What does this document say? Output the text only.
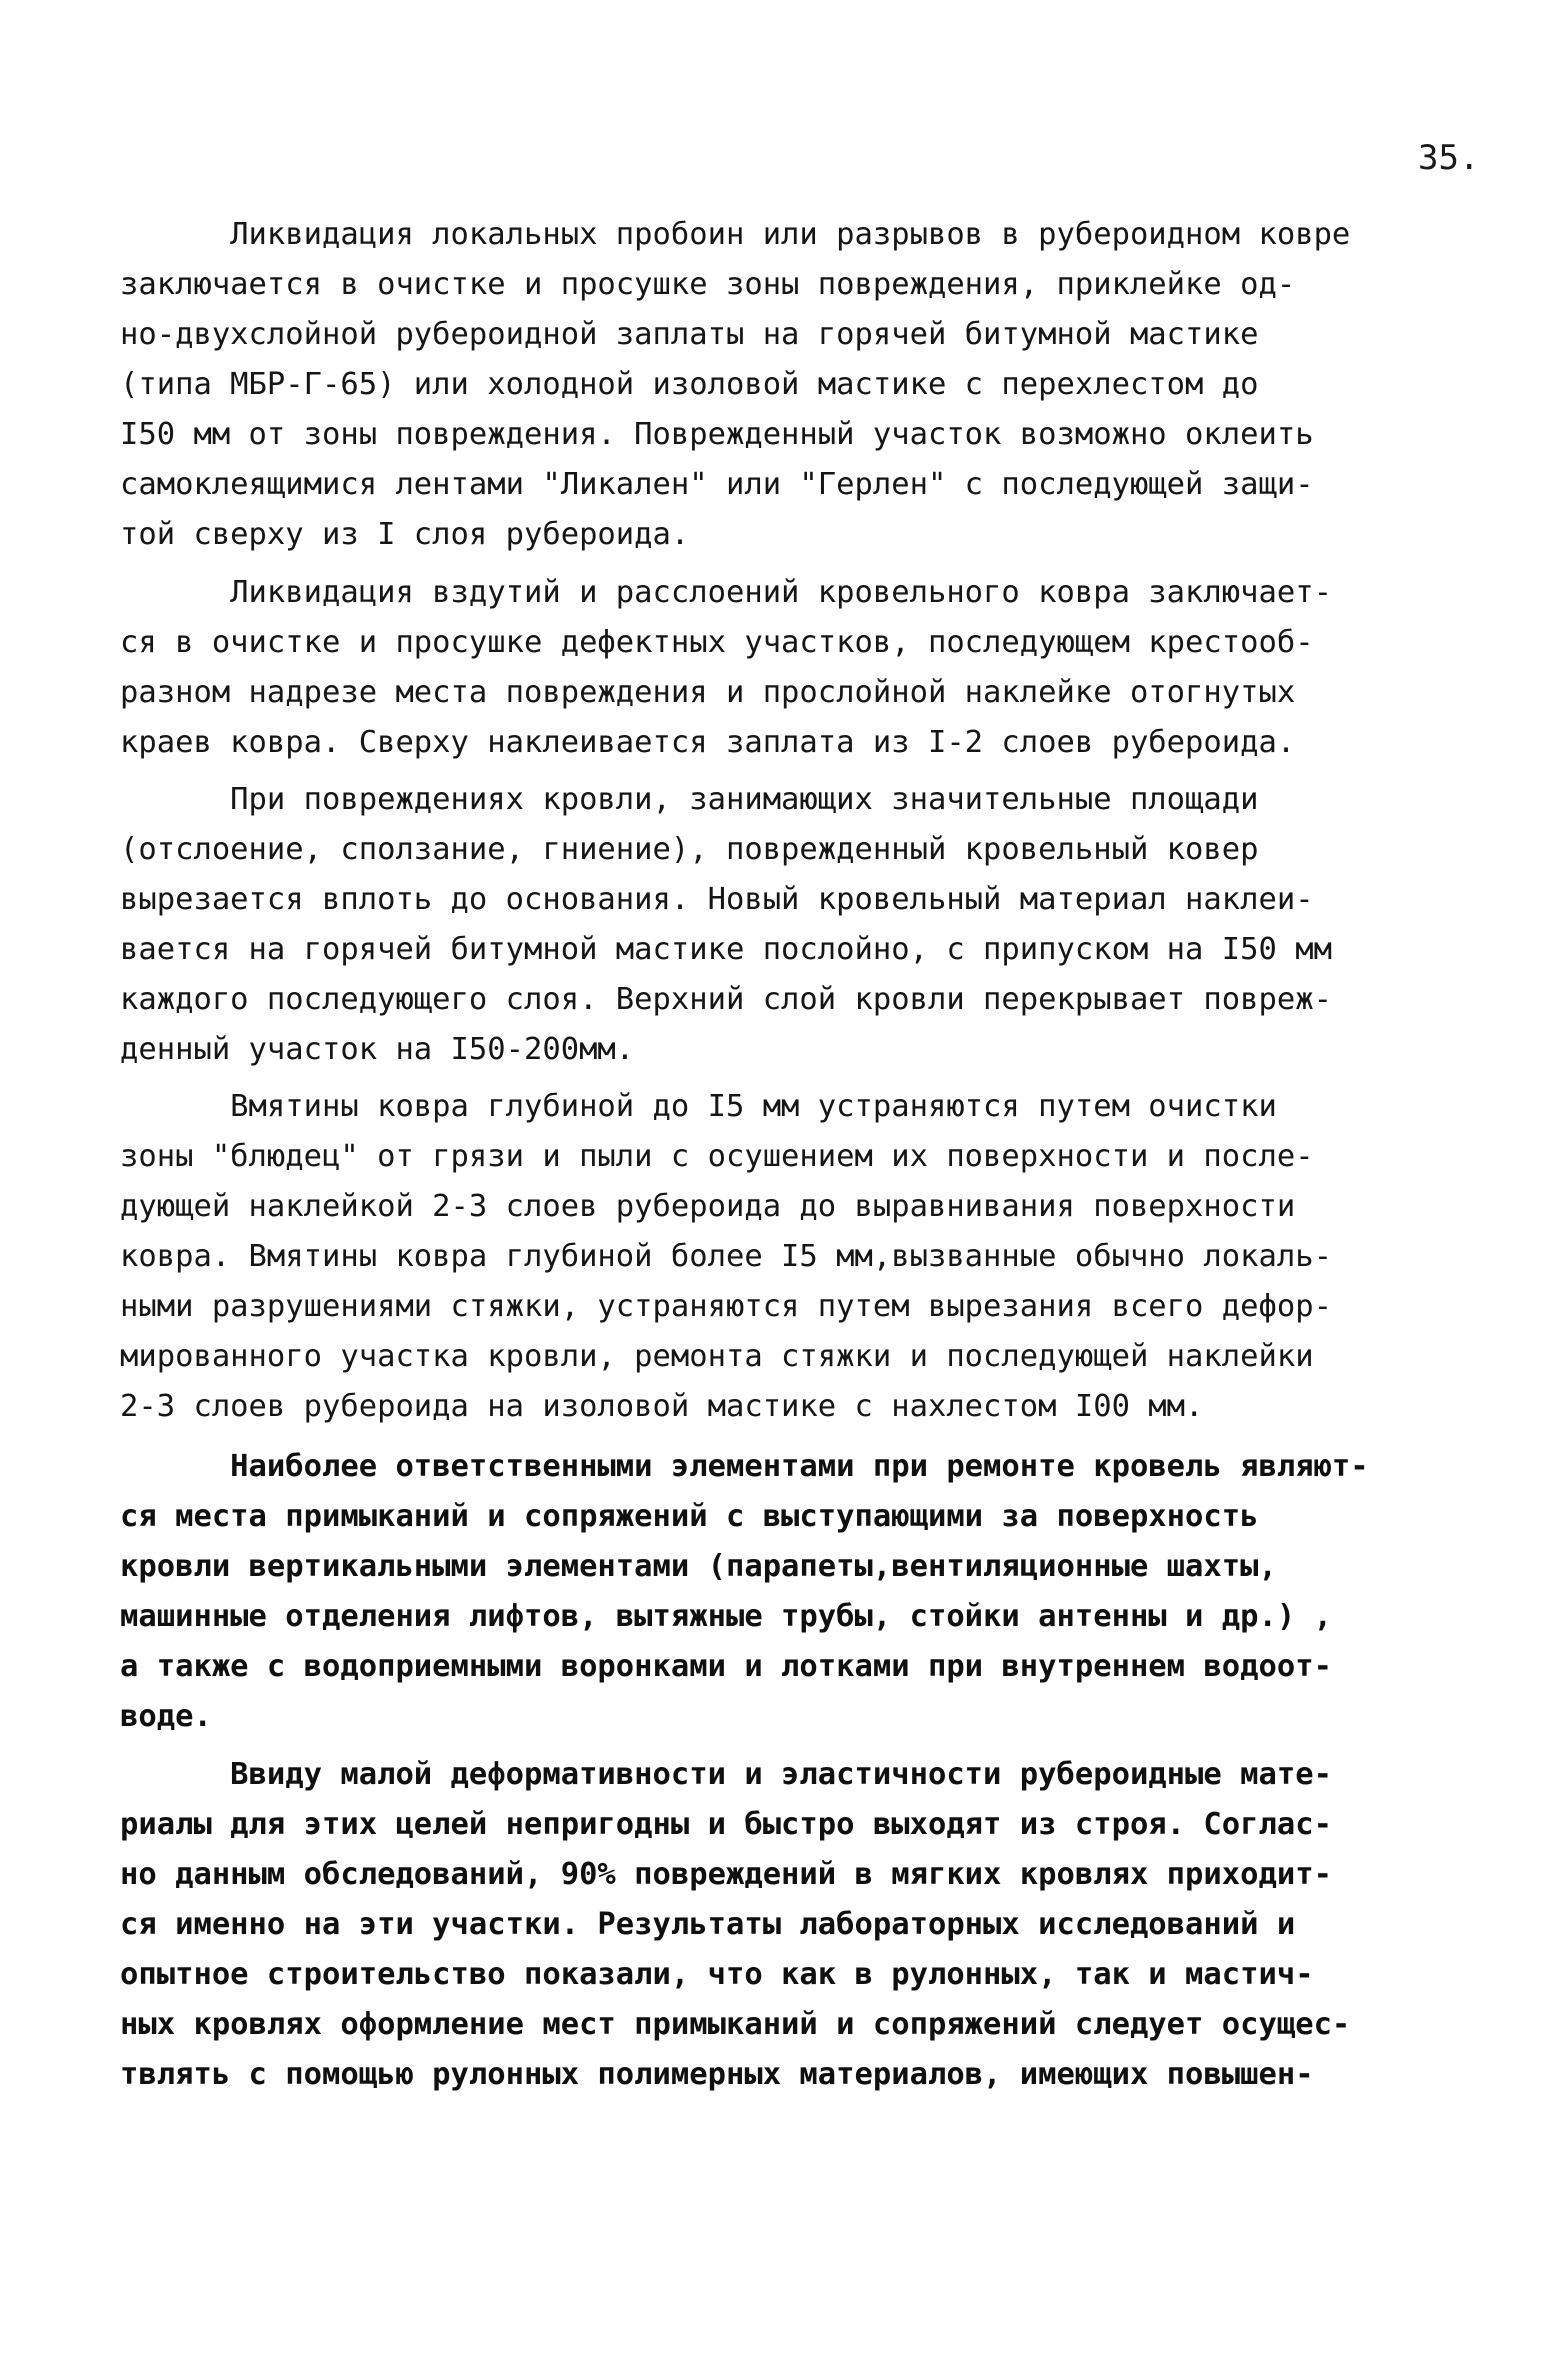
35.
Ликвидация локальных пробоин или разрывов в рубероидном ковре
заключается в очистке и просушке зоны повреждения, приклейке од-
но-двухслойной рубероидной заплаты на горячей битумной мастике
(типа МБР-Г-65) или холодной изоловой мастике с перехлестом до
I50 мм от зоны повреждения. Поврежденный участок возможно оклеить
самоклеящимися лентами "Ликален" или "Герлен" с последующей защи-
той сверху из I слоя рубероида.
Ликвидация вздутий и расслоений кровельного ковра заключает-
ся в очистке и просушке дефектных участков, последующем крестооб-
разном надрезе места повреждения и прослойной наклейке отогнутых
краев ковра. Сверху наклеивается заплата из I-2 слоев рубероида.
При повреждениях кровли, занимающих значительные площади
(отслоение, сползание, гниение), поврежденный кровельный ковер
вырезается вплоть до основания. Новый кровельный материал наклеи-
вается на горячей битумной мастике послойно, с припуском на I50 мм
каждого последующего слоя. Верхний слой кровли перекрывает повреж-
денный участок на I50-200мм.
Вмятины ковра глубиной до I5 мм устраняются путем очистки
зоны "блюдец" от грязи и пыли с осушением их поверхности и после-
дующей наклейкой 2-3 слоев рубероида до выравнивания поверхности
ковра. Вмятины ковра глубиной более I5 мм,вызванные обычно локаль-
ными разрушениями стяжки, устраняются путем вырезания всего дефор-
мированного участка кровли, ремонта стяжки и последующей наклейки
2-3 слоев рубероида на изоловой мастике с нахлестом I00 мм.
Наиболее ответственными элементами при ремонте кровель являют-
ся места примыканий и сопряжений с выступающими за поверхность
кровли вертикальными элементами (парапеты,вентиляционные шахты,
машинные отделения лифтов, вытяжные трубы, стойки антенны и др.) ,
а также с водоприемными воронками и лотками при внутреннем водоот-
воде.
Ввиду малой деформативности и эластичности рубероидные мате-
риалы для этих целей непригодны и быстро выходят из строя. Соглас-
но данным обследований, 90% повреждений в мягких кровлях приходит-
ся именно на эти участки. Результаты лабораторных исследований и
опытное строительство показали, что как в рулонных, так и мастич-
ных кровлях оформление мест примыканий и сопряжений следует осущес-
твлять с помощью рулонных полимерных материалов, имеющих повышен-
